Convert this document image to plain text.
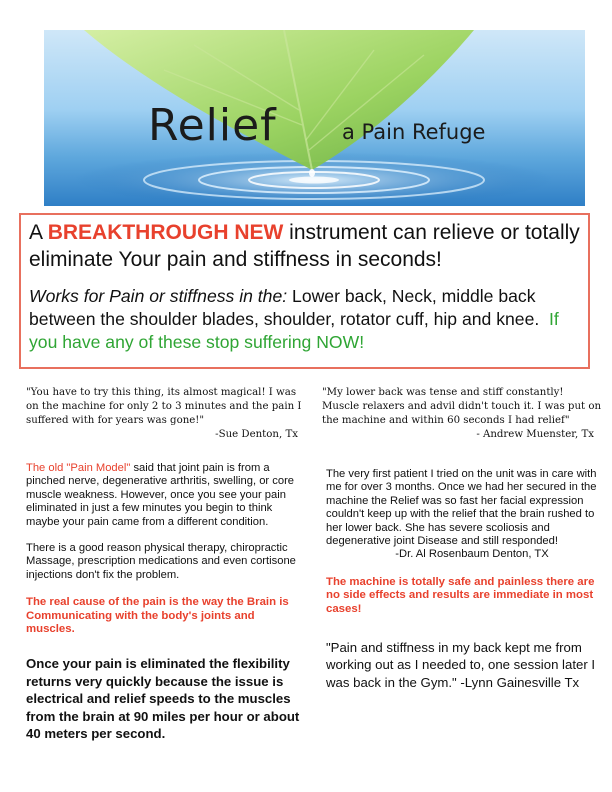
Relief	a Pain Refuge
A BREAKTHROUGH NEW instrument can relieve or totally eliminate Your pain and stiffness in seconds!
Works for Pain or stiffness in the: Lower back, Neck, middle back between the shoulder blades, shoulder, rotator cuff, hip and knee. If you have any of these stop suffering NOW!
"You have to try this thing, its almost magical! I was on the machine for only 2 to 3 minutes and the pain I suffered with for years was gone!"
-Sue Denton, Tx
The old "Pain Model" said that joint pain is from a pinched nerve, degenerative arthritis, swelling, or core muscle weakness. However, once you see your pain eliminated in just a few minutes you begin to think maybe your pain came from a different condition.
There is a good reason physical therapy, chiropractic Massage, prescription medications and even cortisone injections don't fix the problem.
The real cause of the pain is the way the Brain is Communicating with the body's joints and muscles.
Once your pain is eliminated the flexibility returns very quickly because the issue is electrical and relief speeds to the muscles from the brain at 90 miles per hour or about 40 meters per second.
"My lower back was tense and stiff constantly! Muscle relaxers and advil didn't touch it. I was put on the machine and within 60 seconds I had relief"
- Andrew Muenster, Tx
The very first patient I tried on the unit was in care with me for over 3 months. Once we had her secured in the machine the Relief was so fast her facial expression couldn't keep up with the relief that the brain rushed to her lower back. She has severe scoliosis and degenerative joint Disease and still responded!
-Dr. Al Rosenbaum Denton, TX
The machine is totally safe and painless there are no side effects and results are immediate in most cases!
"Pain and stiffness in my back kept me from working out as I needed to, one session later I was back in the Gym." -Lynn Gainesville Tx
